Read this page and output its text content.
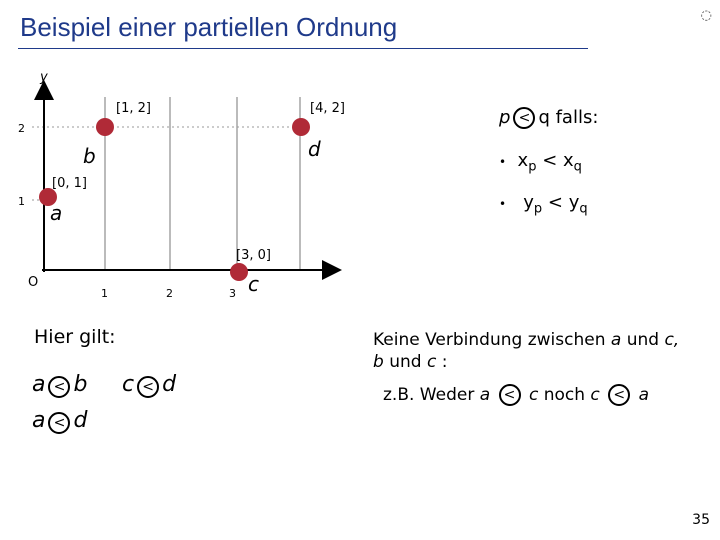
Beispiel einer partiellen Ordnung	◌
y
2
1
O
1	2	3
a
b
c
d
[0, 1]
[1, 2]
[3, 0]
[4, 2]	p < q falls:
• $x_p < x_q$
• $y_p < y_q$
Hier gilt:
a < b c < d
a < d
Keine Verbindung zwischen a und c,
b und c :
z.B. Weder a < c noch c < a
35
